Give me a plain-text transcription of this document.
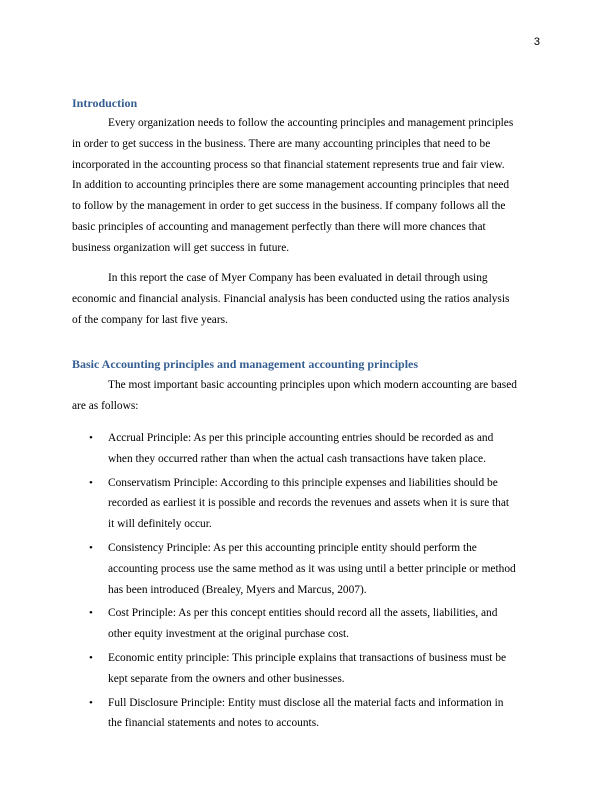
3
Introduction

Every organization needs to follow the accounting principles and management principles
in order to get success in the business. There are many accounting principles that need to be
incorporated in the accounting process so that financial statement represents true and fair view.
In addition to accounting principles there are some management accounting principles that need
to follow by the management in order to get success in the business. If company follows all the
basic principles of accounting and management perfectly than there will more chances that
business organization will get success in future.

In this report the case of Myer Company has been evaluated in detail through using
economic and financial analysis. Financial analysis has been conducted using the ratios analysis
of the company for last five years.

Basic Accounting principles and management accounting principles

The most important basic accounting principles upon which modern accounting are based
are as follows:

• Accrual Principle: As per this principle accounting entries should be recorded as and
when they occurred rather than when the actual cash transactions have taken place.
• Conservatism Principle: According to this principle expenses and liabilities should be
recorded as earliest it is possible and records the revenues and assets when it is sure that
it will definitely occur.
• Consistency Principle: As per this accounting principle entity should perform the
accounting process use the same method as it was using until a better principle or method
has been introduced (Brealey, Myers and Marcus, 2007).
• Cost Principle: As per this concept entities should record all the assets, liabilities, and
other equity investment at the original purchase cost.
• Economic entity principle: This principle explains that transactions of business must be
kept separate from the owners and other businesses.
• Full Disclosure Principle: Entity must disclose all the material facts and information in
the financial statements and notes to accounts.
